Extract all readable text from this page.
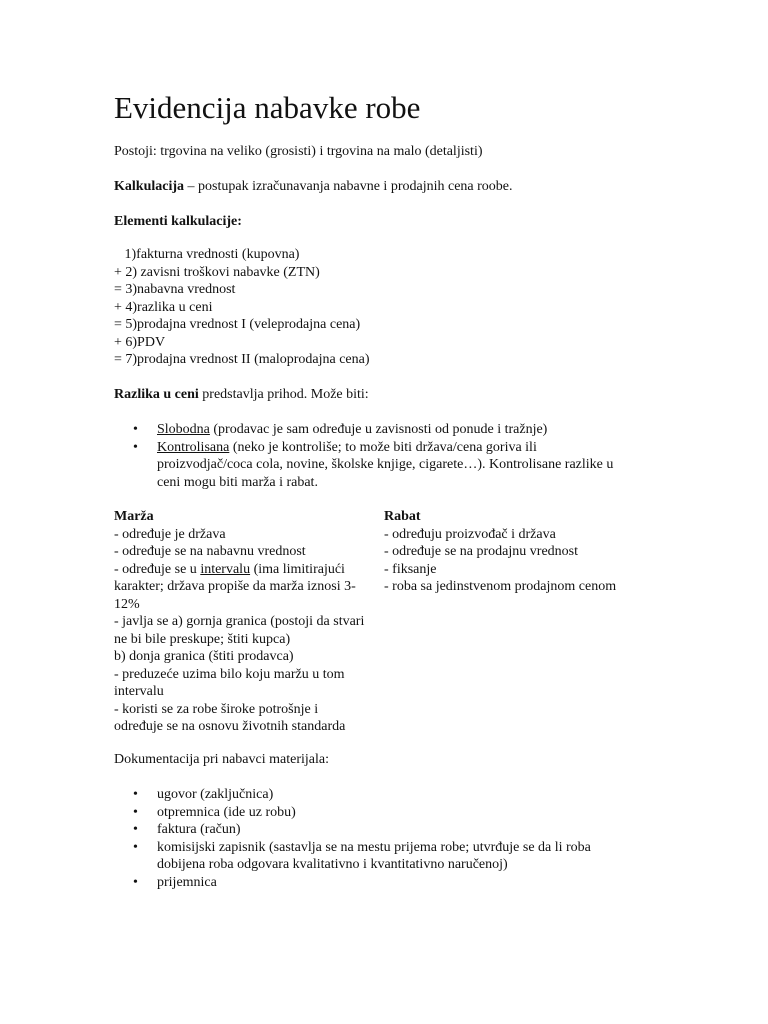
Evidencija nabavke robe

Postoji: trgovina na veliko (grosisti) i trgovina na malo (detaljisti)

Kalkulacija – postupak izračunavanja nabavne i prodajnih cena roobe.

Elementi kalkulacije:

1)fakturna vrednosti (kupovna)

+ 2) zavisni troškovi nabavke (ZTN)

= 3)nabavna vrednost

+ 4)razlika u ceni

= 5)prodajna vrednost I (veleprodajna cena)

+ 6)PDV

= 7)prodajna vrednost II (maloprodajna cena)

Razlika u ceni predstavlja prihod. Može biti:

• Slobodna (prodavac je sam određuje u zavisnosti od ponude i tražnje)
• Kontrolisana (neko je kontroliše; to može biti država/cena goriva ili
proizvodjač/coca cola, novine, školske knjige, cigarete…). Kontrolisane razlike u
ceni mogu biti marža i rabat.
Marža
- određuje je država
- određuje se na nabavnu vrednost
- određuje se u intervalu (ima limitirajući
karakter; država propiše da marža iznosi 3-
12%
- javlja se a) gornja granica (postoji da stvari
ne bi bile preskupe; štiti kupca)
b) donja granica (štiti prodavca)
- preduzeće uzima bilo koju maržu u tom
intervalu
- koristi se za robe široke potrošnje i
određuje se na osnovu životnih standarda
Rabat
- određuju proizvođač i država
- određuje se na prodajnu vrednost
- fiksanje
- roba sa jedinstvenom prodajnom cenom

Dokumentacija pri nabavci materijala:

• ugovor (zaključnica)
• otpremnica (ide uz robu)
• faktura (račun)
• komisijski zapisnik (sastavlja se na mestu prijema robe; utvrđuje se da li roba
dobijena roba odgovara kvalitativno i kvantitativno naručenoj)
• prijemnica
